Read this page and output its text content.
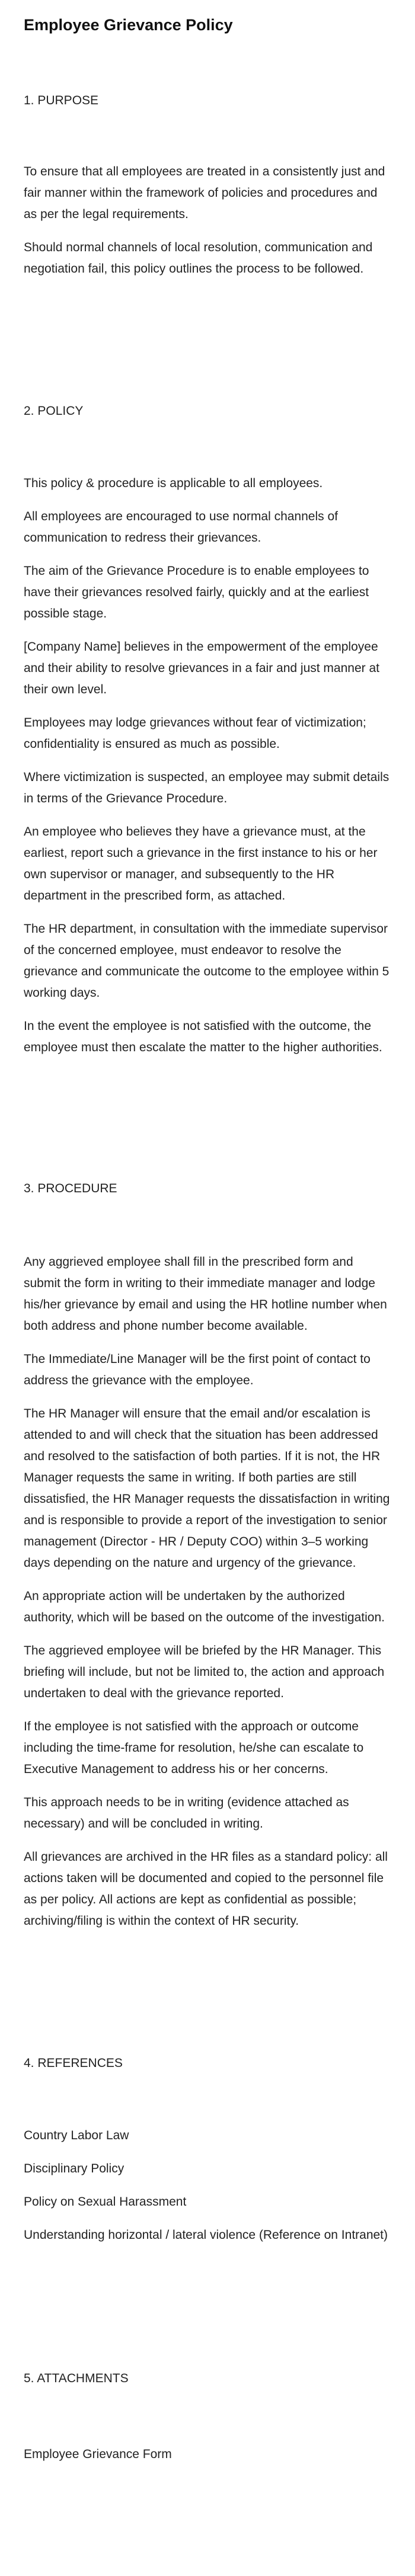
Employee Grievance Policy
1. PURPOSE

To ensure that all employees are treated in a consistently just and fair manner within the framework of policies and procedures and as per the legal requirements.

Should normal channels of local resolution, communication and negotiation fail, this policy outlines the process to be followed.

2. POLICY

This policy & procedure is applicable to all employees.

All employees are encouraged to use normal channels of communication to redress their grievances.

The aim of the Grievance Procedure is to enable employees to have their grievances resolved fairly, quickly and at the earliest possible stage.

[Company Name] believes in the empowerment of the employee and their ability to resolve grievances in a fair and just manner at their own level.

Employees may lodge grievances without fear of victimization; confidentiality is ensured as much as possible.

Where victimization is suspected, an employee may submit details in terms of the Grievance Procedure.

An employee who believes they have a grievance must, at the earliest, report such a grievance in the first instance to his or her own supervisor or manager, and subsequently to the HR department in the prescribed form, as attached.

The HR department, in consultation with the immediate supervisor of the concerned employee, must endeavor to resolve the grievance and communicate the outcome to the employee within 5 working days.

In the event the employee is not satisfied with the outcome, the employee must then escalate the matter to the higher authorities.

3. PROCEDURE

Any aggrieved employee shall fill in the prescribed form and submit the form in writing to their immediate manager and lodge his/her grievance by email and using the HR hotline number when both address and phone number become available.

The Immediate/Line Manager will be the first point of contact to address the grievance with the employee.

The HR Manager will ensure that the email and/or escalation is attended to and will check that the situation has been addressed and resolved to the satisfaction of both parties. If it is not, the HR Manager requests the same in writing. If both parties are still dissatisfied, the HR Manager requests the dissatisfaction in writing and is responsible to provide a report of the investigation to senior management (Director - HR / Deputy COO) within 3–5 working days depending on the nature and urgency of the grievance.

An appropriate action will be undertaken by the authorized authority, which will be based on the outcome of the investigation.

The aggrieved employee will be briefed by the HR Manager. This briefing will include, but not be limited to, the action and approach undertaken to deal with the grievance reported.

If the employee is not satisfied with the approach or outcome including the time-frame for resolution, he/she can escalate to Executive Management to address his or her concerns.

This approach needs to be in writing (evidence attached as necessary) and will be concluded in writing.

All grievances are archived in the HR files as a standard policy: all actions taken will be documented and copied to the personnel file as per policy. All actions are kept as confidential as possible; archiving/filing is within the context of HR security.

4. REFERENCES

Country Labor Law

Disciplinary Policy

Policy on Sexual Harassment

Understanding horizontal / lateral violence (Reference on Intranet)

5. ATTACHMENTS

Employee Grievance Form
